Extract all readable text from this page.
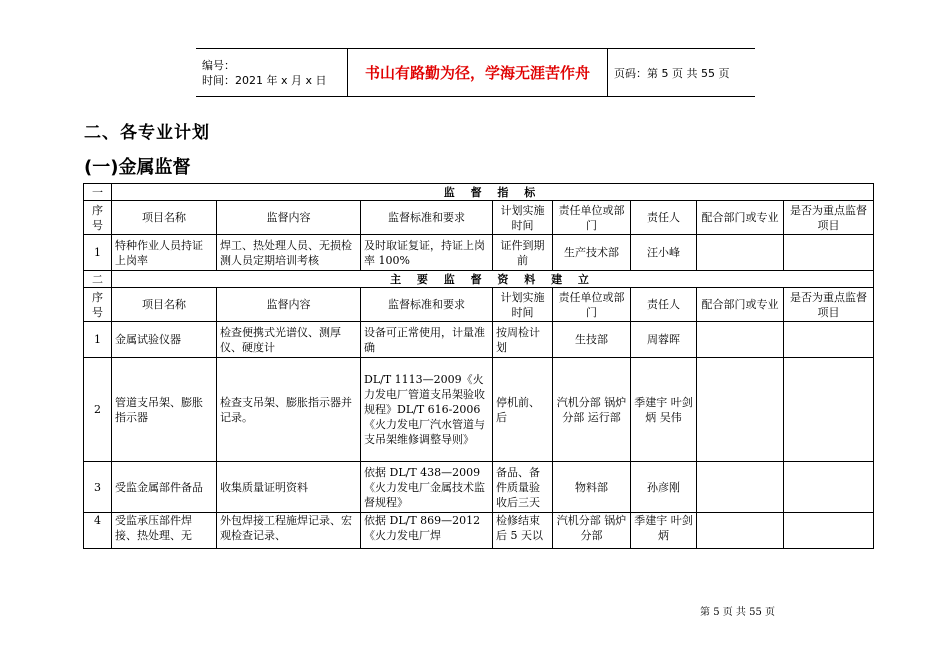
编号：
时间：2021 年 x 月 x 日	书山有路勤为径，学海无涯苦作舟	页码：第 5 页 共 55 页
二、各专业计划
(一)金属监督
一	监 督 指 标							
序号	项目名称	监督内容	监督标准和要求	计划实施时间	责任单位或部门	责任人	配合部门或专业	是否为重点监督项目
1	特种作业人员持证上岗率	焊工、热处理人员、无损检测人员定期培训考核	及时取证复证，持证上岗率 100%	证件到期前	生产技术部	汪小峰		
二	主 要 监 督 资 料 建 立							
序号	项目名称	监督内容	监督标准和要求	计划实施时间	责任单位或部门	责任人	配合部门或专业	是否为重点监督项目
1	金属试验仪器	检查便携式光谱仪、测厚仪、硬度计	设备可正常使用，计量准确	按周检计划	生技部	周蓉晖		
2	管道支吊架、膨胀指示器	检查支吊架、膨胀指示器并记录。	DL/T 1113—2009《火力发电厂管道支吊架验收规程》DL/T 616-2006《火力发电厂汽水管道与支吊架维修调整导则》	停机前、后	汽机分部 锅炉分部 运行部	季建宇 叶剑炳 吴伟		
3	受监金属部件备品	收集质量证明资料	依据 DL/T 438—2009《火力发电厂金属技术监督规程》	备品、备件质量验收后三天	物料部	孙彦刚		
4	受监承压部件焊接、热处理、无	外包焊接工程施焊记录、宏观检查记录、	依据 DL/T 869—2012《火力发电厂焊	检修结束后 5 天以	汽机分部 锅炉分部	季建宇 叶剑炳		
第 5 页 共 55 页
